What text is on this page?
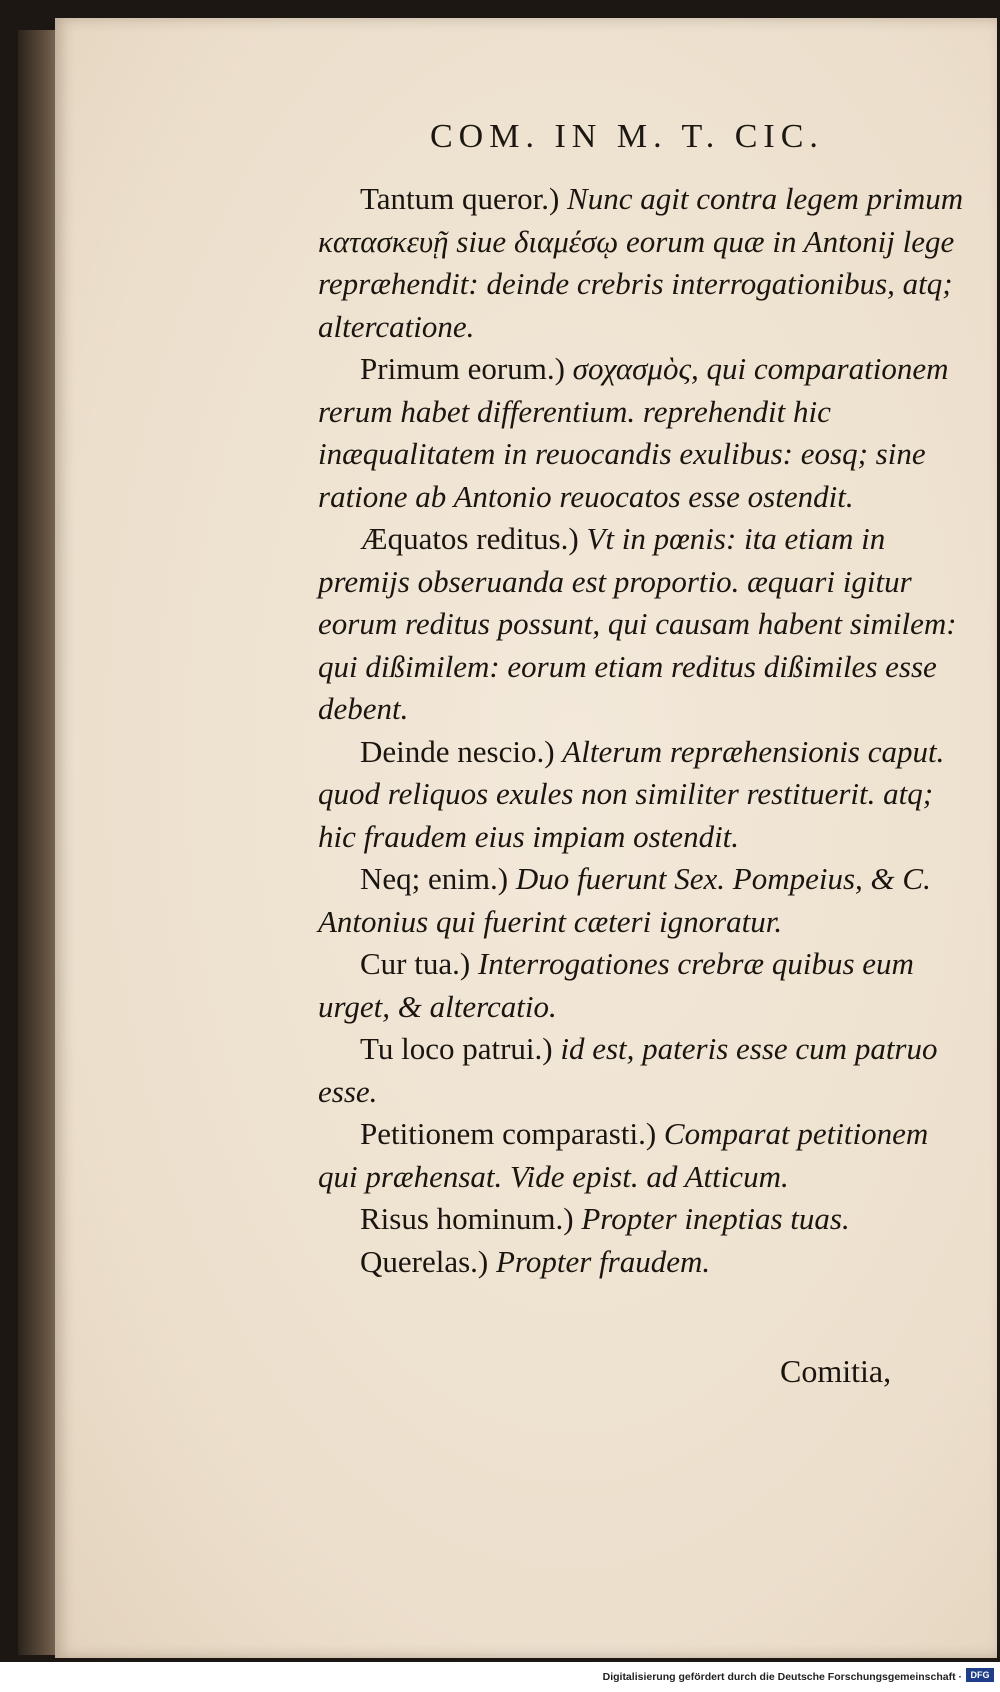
COM. IN M. T. CIC.

Tantum queror.) Nunc agit contra legem primum κατασκευῇ siue διαμέσῳ eorum quæ in Antonij lege repræhendit: deinde crebris interrogationibus, atq; altercatione.

Primum eorum.) σοχασμὸς, qui comparationem rerum habet differentium. reprehendit hic inæqualitatem in reuocandis exulibus: eosq; sine ratione ab Antonio reuocatos esse ostendit.

Æquatos reditus.) Vt in pœnis: ita etiam in premijs obseruanda est proportio. æquari igitur eorum reditus possunt, qui causam habent similem: qui dißimilem: eorum etiam reditus dißimiles esse debent.

Deinde nescio.) Alterum repræhensionis caput. quod reliquos exules non similiter restituerit. atq; hic fraudem eius impiam ostendit.

Neq; enim.) Duo fuerunt Sex. Pompeius, & C. Antonius qui fuerint cæteri ignoratur.

Cur tua.) Interrogationes crebræ quibus eum urget, & altercatio.

Tu loco patrui.) id est, pateris esse cum patruo esse.

Petitionem comparasti.) Comparat petitionem qui præhensat. Vide epist. ad Atticum.

Risus hominum.) Propter ineptias tuas.

Querelas.) Propter fraudem.

Comitia,
Digitalisierung gefördert durch die Deutsche Forschungsgemeinschaft · DFG
